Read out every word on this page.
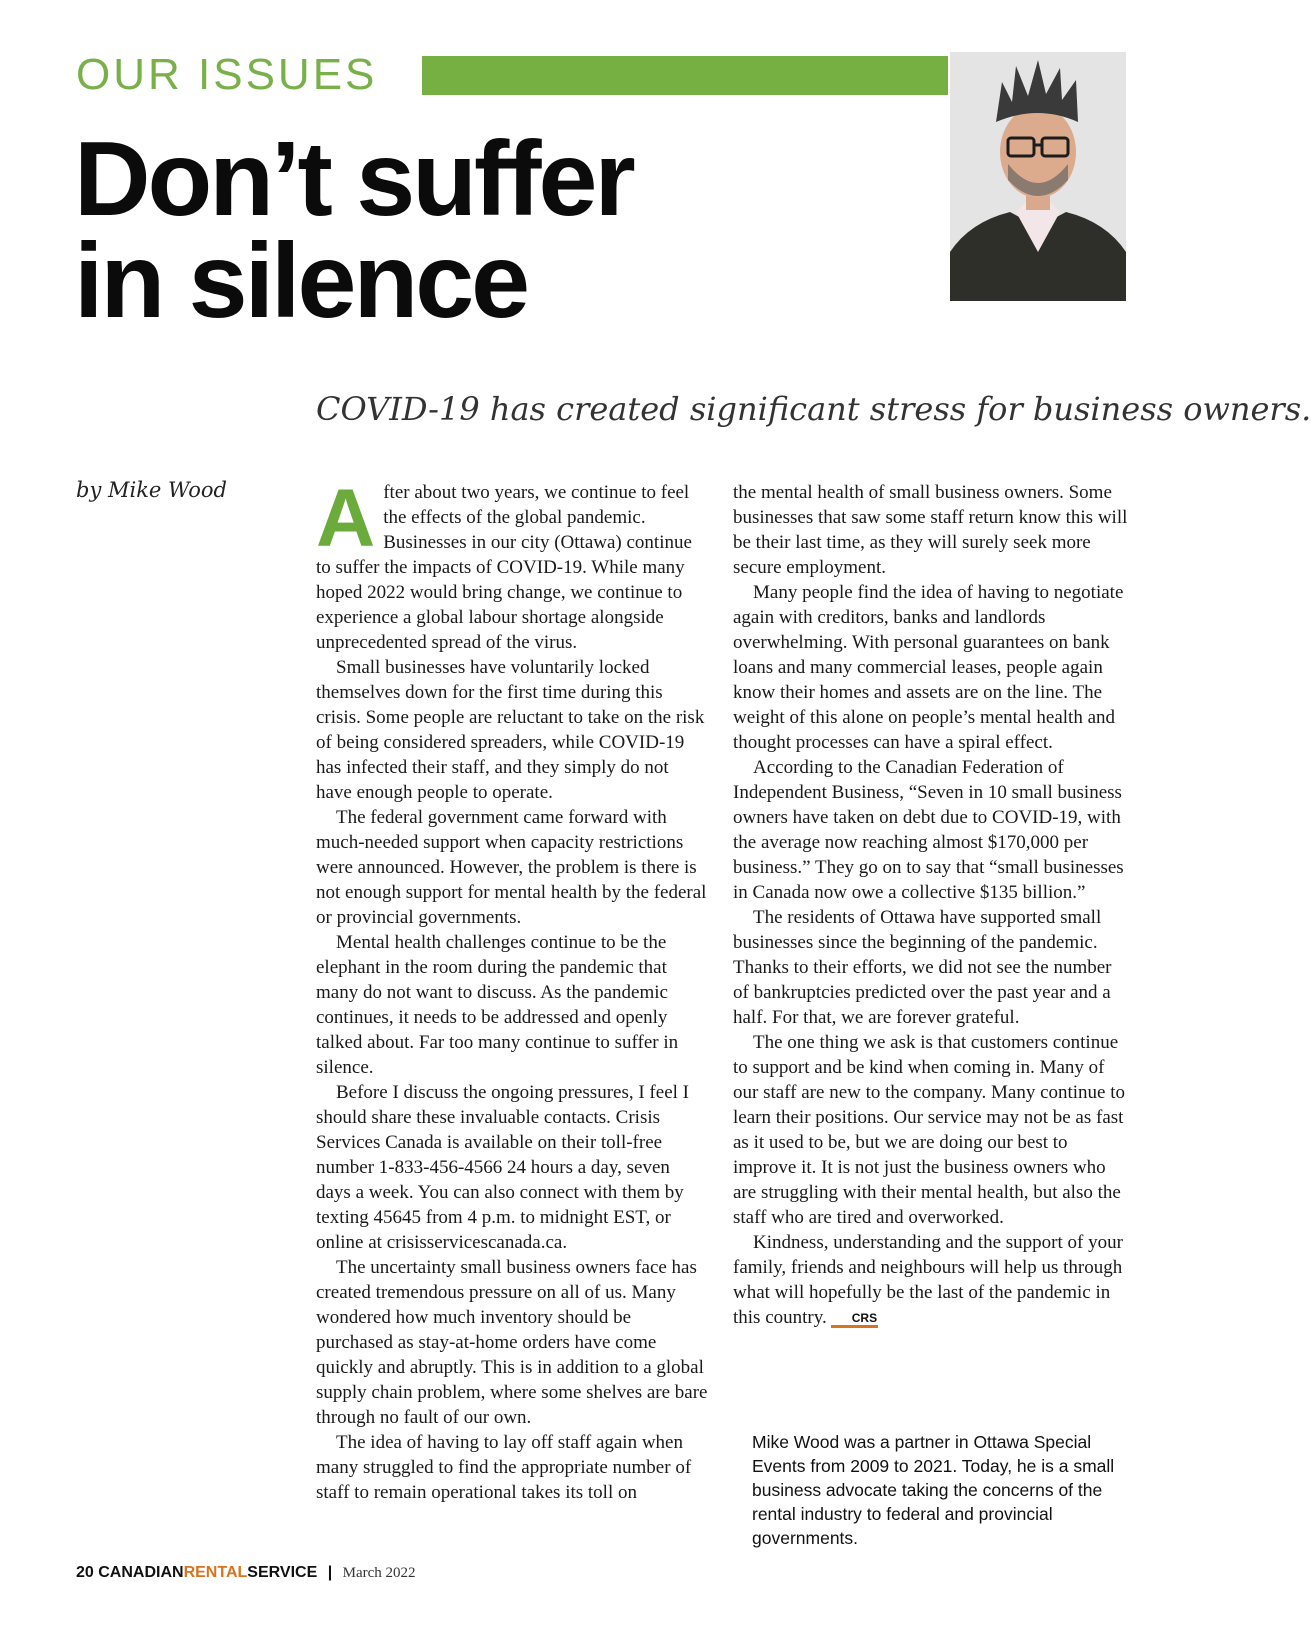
OUR ISSUES
Don’t suffer
in silence
COVID-19 has created significant stress for business owners.
by Mike Wood After about two years, we continue to feel the effects of the global pandemic. Businesses in our city (Ottawa) continue to suffer the impacts of COVID-19. While many hoped 2022 would bring change, we continue to experience a global labour shortage alongside unprecedented spread of the virus.

Small businesses have voluntarily locked themselves down for the first time during this crisis. Some people are reluctant to take on the risk of being considered spreaders, while COVID-19 has infected their staff, and they simply do not have enough people to operate.

The federal government came forward with much-needed support when capacity restrictions were announced. However, the problem is there is not enough support for mental health by the federal or provincial governments.

Mental health challenges continue to be the elephant in the room during the pandemic that many do not want to discuss. As the pandemic continues, it needs to be addressed and openly talked about. Far too many continue to suffer in silence.

Before I discuss the ongoing pressures, I feel I should share these invaluable contacts. Crisis Services Canada is available on their toll-free number 1-833-456-4566 24 hours a day, seven days a week. You can also connect with them by texting 45645 from 4 p.m. to midnight EST, or online at crisisservicescanada.ca.

The uncertainty small business owners face has created tremendous pressure on all of us. Many wondered how much inventory should be purchased as stay-at-home orders have come quickly and abruptly. This is in addition to a global supply chain problem, where some shelves are bare through no fault of our own.

The idea of having to lay off staff again when many struggled to find the appropriate number of staff to remain operational takes its toll on

the mental health of small business owners. Some businesses that saw some staff return know this will be their last time, as they will surely seek more secure employment.

Many people find the idea of having to negotiate again with creditors, banks and landlords overwhelming. With personal guarantees on bank loans and many commercial leases, people again know their homes and assets are on the line. The weight of this alone on people’s mental health and thought processes can have a spiral effect.

According to the Canadian Federation of Independent Business, “Seven in 10 small business owners have taken on debt due to COVID-19, with the average now reaching almost $170,000 per business.” They go on to say that “small businesses in Canada now owe a collective $135 billion.”

The residents of Ottawa have supported small businesses since the beginning of the pandemic. Thanks to their efforts, we did not see the number of bankruptcies predicted over the past year and a half. For that, we are forever grateful.

The one thing we ask is that customers continue to support and be kind when coming in. Many of our staff are new to the company. Many continue to learn their positions. Our service may not be as fast as it used to be, but we are doing our best to improve it. It is not just the business owners who are struggling with their mental health, but also the staff who are tired and overworked.

Kindness, understanding and the support of your family, friends and neighbours will help us through what will hopefully be the last of the pandemic in this country. CRS

Mike Wood was a partner in Ottawa Special Events from 2009 to 2021. Today, he is a small business advocate taking the concerns of the rental industry to federal and provincial governments.
20 CANADIANRENTALSERVICE | March 2022
